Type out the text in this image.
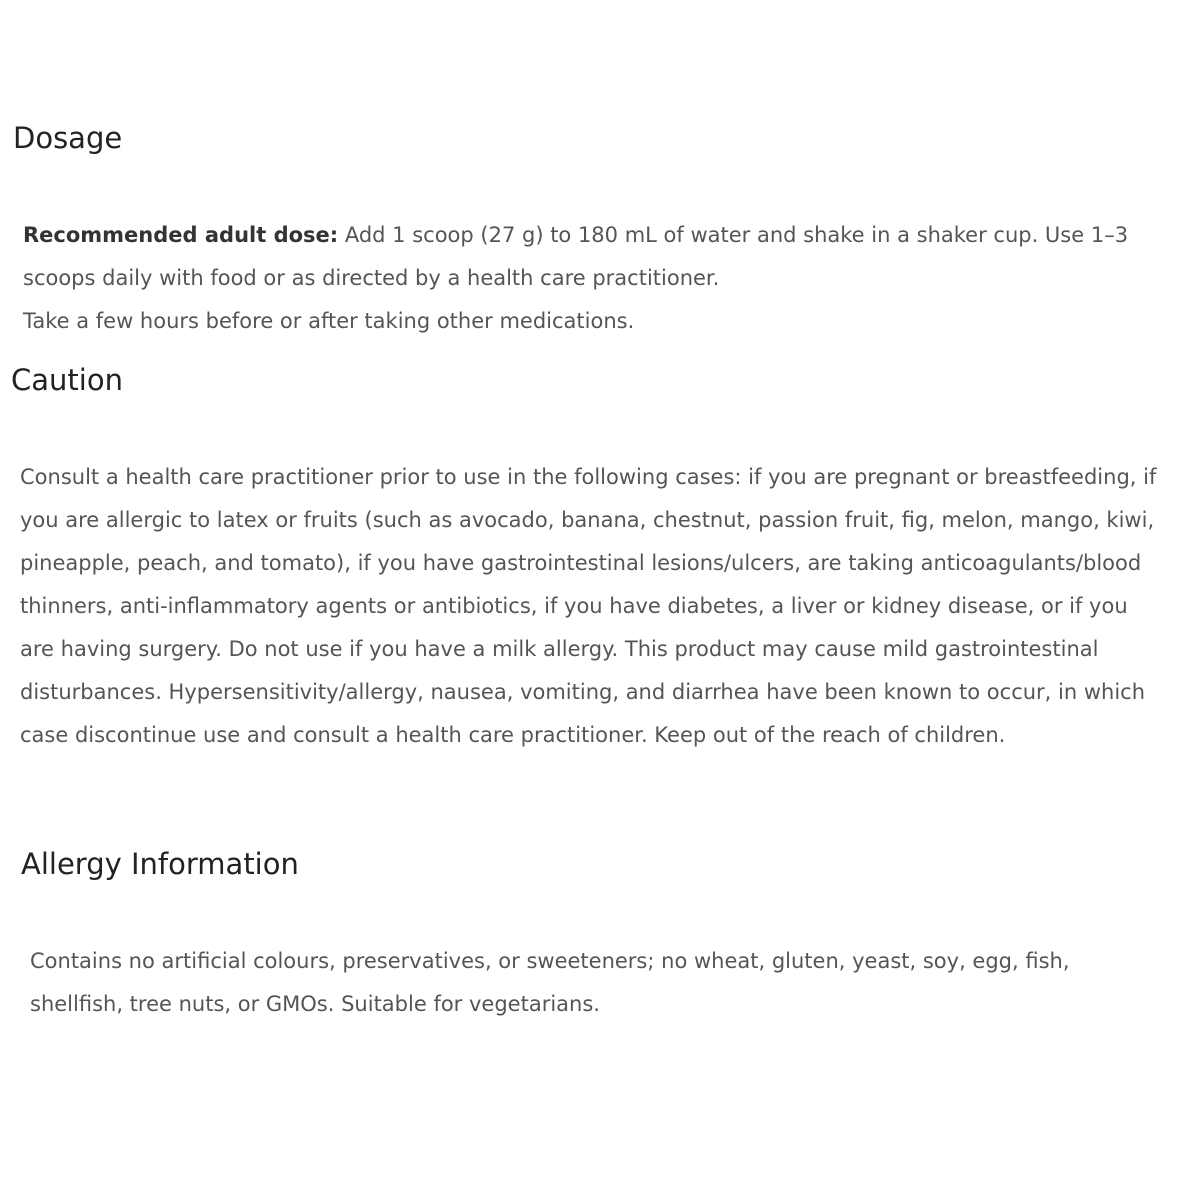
Dosage

Recommended adult dose: Add 1 scoop (27 g) to 180 mL of water and shake in a shaker cup. Use 1–3 scoops daily with food or as directed by a health care practitioner.
Take a few hours before or after taking other medications.

Caution

Consult a health care practitioner prior to use in the following cases: if you are pregnant or breastfeeding, if you are allergic to latex or fruits (such as avocado, banana, chestnut, passion fruit, fig, melon, mango, kiwi, pineapple, peach, and tomato), if you have gastrointestinal lesions/ulcers, are taking anticoagulants/blood thinners, anti-inflammatory agents or antibiotics, if you have diabetes, a liver or kidney disease, or if you are having surgery. Do not use if you have a milk allergy. This product may cause mild gastrointestinal disturbances. Hypersensitivity/allergy, nausea, vomiting, and diarrhea have been known to occur, in which case discontinue use and consult a health care practitioner. Keep out of the reach of children.

Allergy Information

Contains no artificial colours, preservatives, or sweeteners; no wheat, gluten, yeast, soy, egg, fish, shellfish, tree nuts, or GMOs. Suitable for vegetarians.
